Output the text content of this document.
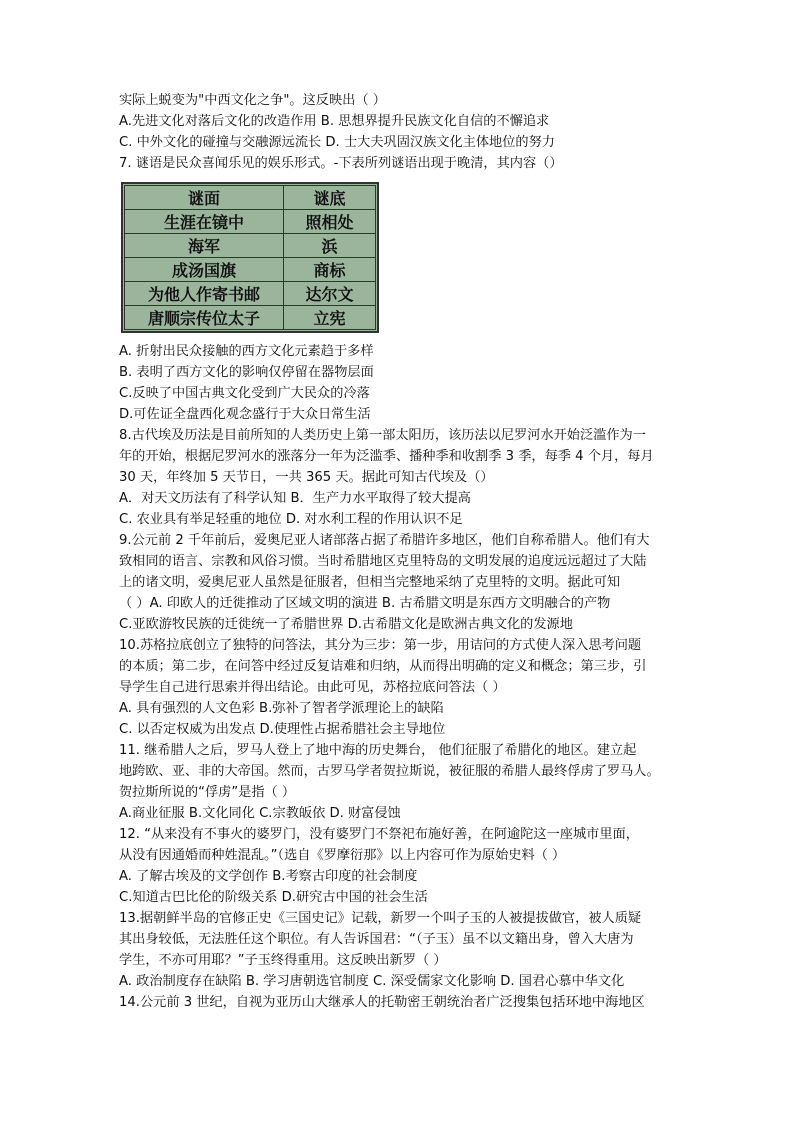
实际上蜕变为"中西文化之争"。这反映出（ ）
A.先进文化对落后文化的改造作用 B. 思想界提升民族文化自信的不懈追求
C. 中外文化的碰撞与交融源远流长 D. 士大夫巩固汉族文化主体地位的努力
7. 谜语是民众喜闻乐见的娱乐形式。-下表所列谜语出现于晚清，其内容（）
谜面	谜底
生涯在镜中	照相处
海军	浜
成汤国旗	商标
为他人作寄书邮	达尔文
唐顺宗传位太子	立宪
A. 折射出民众接触的西方文化元素趋于多样
B. 表明了西方文化的影响仅停留在器物层面
C.反映了中国古典文化受到广大民众的冷落
D.可佐证全盘西化观念盛行于大众日常生活
8.古代埃及历法是目前所知的人类历史上第一部太阳历，该历法以尼罗河水开始泛滥作为一
年的开始，根据尼罗河水的涨落分一年为泛滥季、播种季和收割季 3 季，每季 4 个月，每月
30 天，年终加 5 天节日，一共 365 天。据此可知古代埃及（）
A．对天文历法有了科学认知 B．生产力水平取得了较大提高
C. 农业具有举足轻重的地位 D. 对水利工程的作用认识不足
9.公元前 2 千年前后，爱奥尼亚人诸部落占据了希腊许多地区，他们自称希腊人。他们有大
致相同的语言、宗教和风俗习惯。当时希腊地区克里特岛的文明发展的追度远远超过了大陆
上的诸文明，爱奥尼亚人虽然是征服者，但相当完整地采纳了克里特的文明。据此可知
（ ）A. 印欧人的迁徙推动了区域文明的演进 B. 古希腊文明是东西方文明融合的产物
C.亚欧游牧民族的迁徙统一了希腊世界 D.古希腊文化是欧洲古典文化的发源地
10.苏格拉底创立了独特的问答法，其分为三步：第一步，用诘问的方式使人深入思考问题
的本质；第二步，在问答中经过反复诘难和归纳，从而得出明确的定义和概念；第三步，引
导学生自己进行思索并得出结论。由此可见，苏格拉底问答法（ ）
A. 具有强烈的人文色彩 B.弥补了智者学派理论上的缺陷
C. 以否定权威为出发点 D.使理性占据希腊社会主导地位
11. 继希腊人之后，罗马人登上了地中海的历史舞台， 他们征服了希腊化的地区。建立起
地跨欧、亚、非的大帝国。然而，古罗马学者贺拉斯说，被征服的希腊人最终俘虏了罗马人。
贺拉斯所说的“俘虏”是指（ ）
A.商业征服 B.文化同化 C.宗教皈依 D. 财富侵蚀
12. “从来没有不事火的婆罗门，没有婆罗门不祭祀布施好善，在阿逾陀这一座城市里面，
从没有因通婚而种姓混乱。”（选自《罗摩衍那》以上内容可作为原始史料（ ）
A. 了解古埃及的文学创作 B.考察古印度的社会制度
C.知道古巴比伦的阶级关系 D.研究古中国的社会生活
13.据朝鲜半岛的官修正史《三国史记》记载，新罗一个叫子玉的人被提拔做官，被人质疑
其出身较低，无法胜任这个职位。有人告诉国君：“（子玉）虽不以文籍出身，曾入大唐为
学生，不亦可用耶？”子玉终得重用。这反映出新罗（ ）
A. 政治制度存在缺陷 B. 学习唐朝选官制度 C. 深受儒家文化影响 D. 国君心慕中华文化
14.公元前 3 世纪，自视为亚历山大继承人的托勒密王朝统治者广泛搜集包括环地中海地区
